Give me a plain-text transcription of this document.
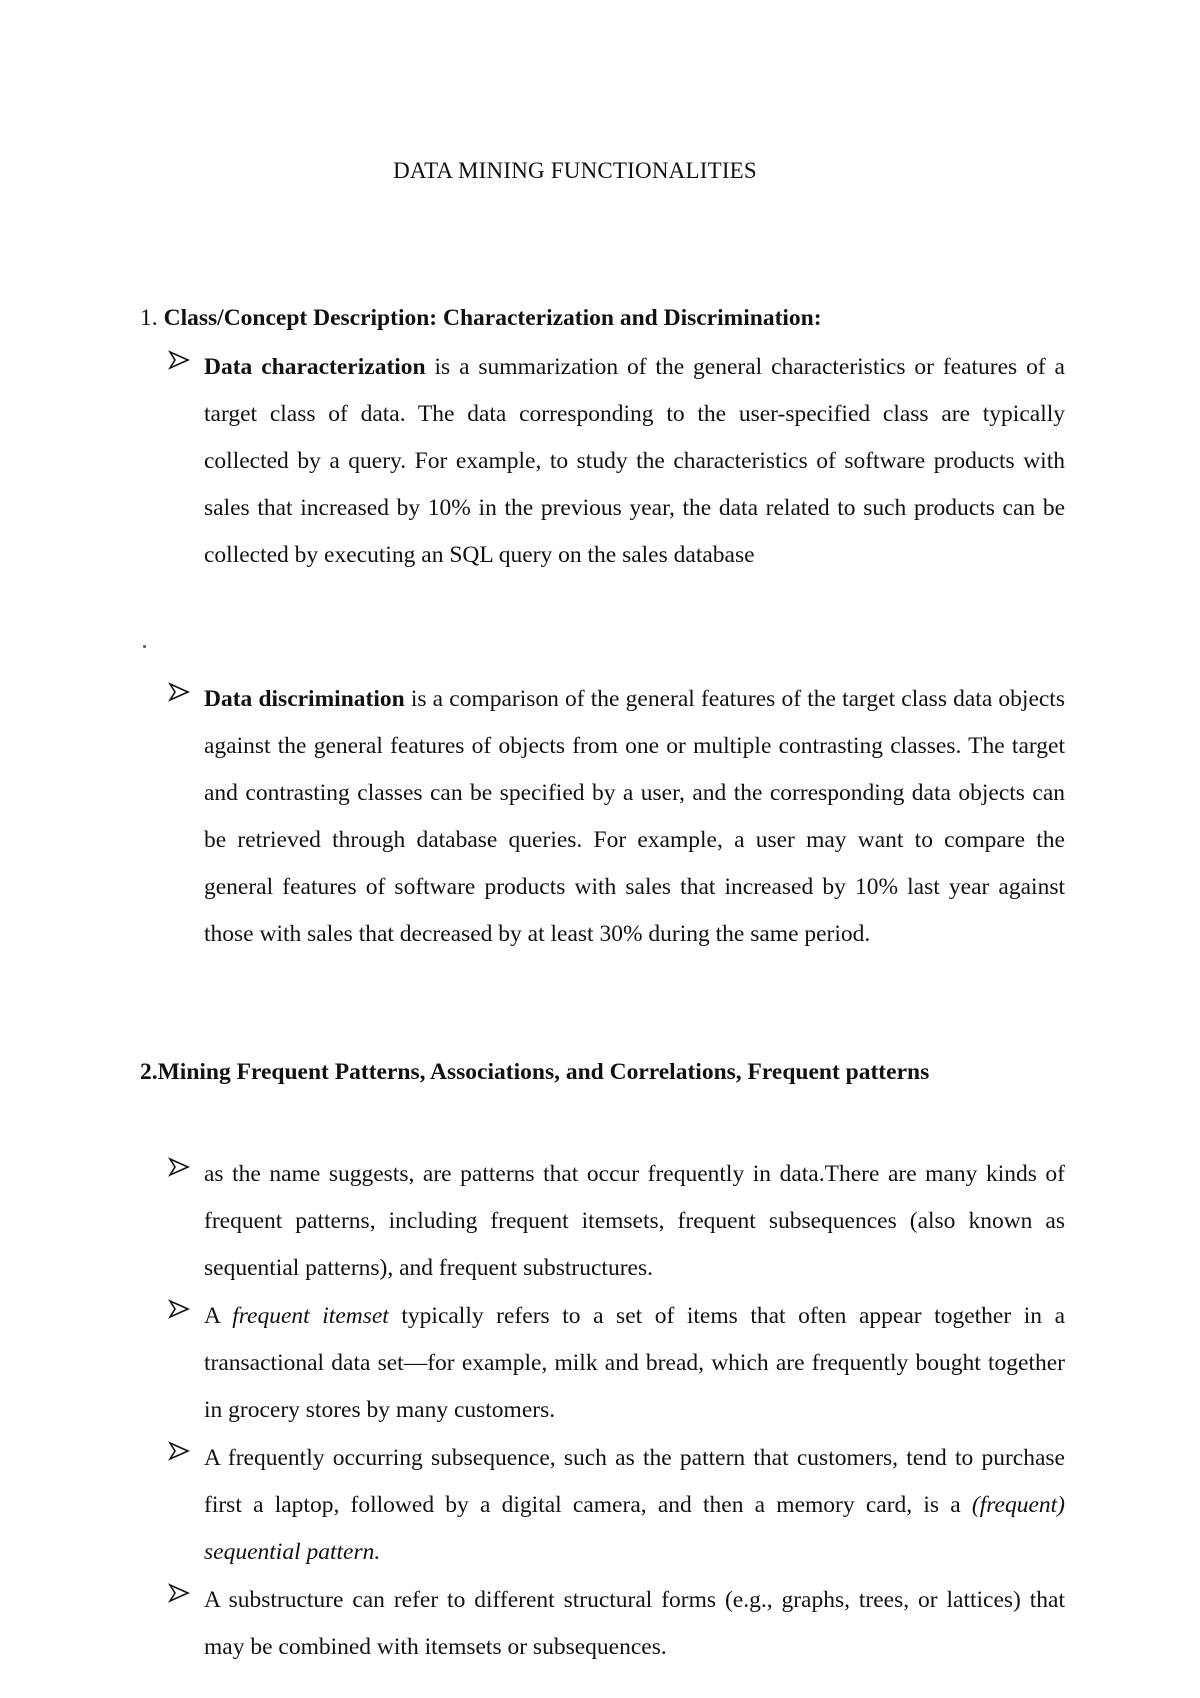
DATA MINING FUNCTIONALITIES
1. Class/Concept Description: Characterization and Discrimination:

Data characterization is a summarization of the general characteristics or features of a target class of data. The data corresponding to the user-specified class are typically collected by a query. For example, to study the characteristics of software products with sales that increased by 10% in the previous year, the data related to such products can be collected by executing an SQL query on the sales database

Data discrimination is a comparison of the general features of the target class data objects against the general features of objects from one or multiple contrasting classes. The target and contrasting classes can be specified by a user, and the corresponding data objects can be retrieved through database queries. For example, a user may want to compare the general features of software products with sales that increased by 10% last year against those with sales that decreased by at least 30% during the same period.

2.Mining Frequent Patterns, Associations, and Correlations, Frequent patterns

as the name suggests, are patterns that occur frequently in data.There are many kinds of frequent patterns, including frequent itemsets, frequent subsequences (also known as sequential patterns), and frequent substructures.

A frequent itemset typically refers to a set of items that often appear together in a transactional data set—for example, milk and bread, which are frequently bought together in grocery stores by many customers.

A frequently occurring subsequence, such as the pattern that customers, tend to purchase first a laptop, followed by a digital camera, and then a memory card, is a (frequent) sequential pattern.

A substructure can refer to different structural forms (e.g., graphs, trees, or lattices) that may be combined with itemsets or subsequences.
